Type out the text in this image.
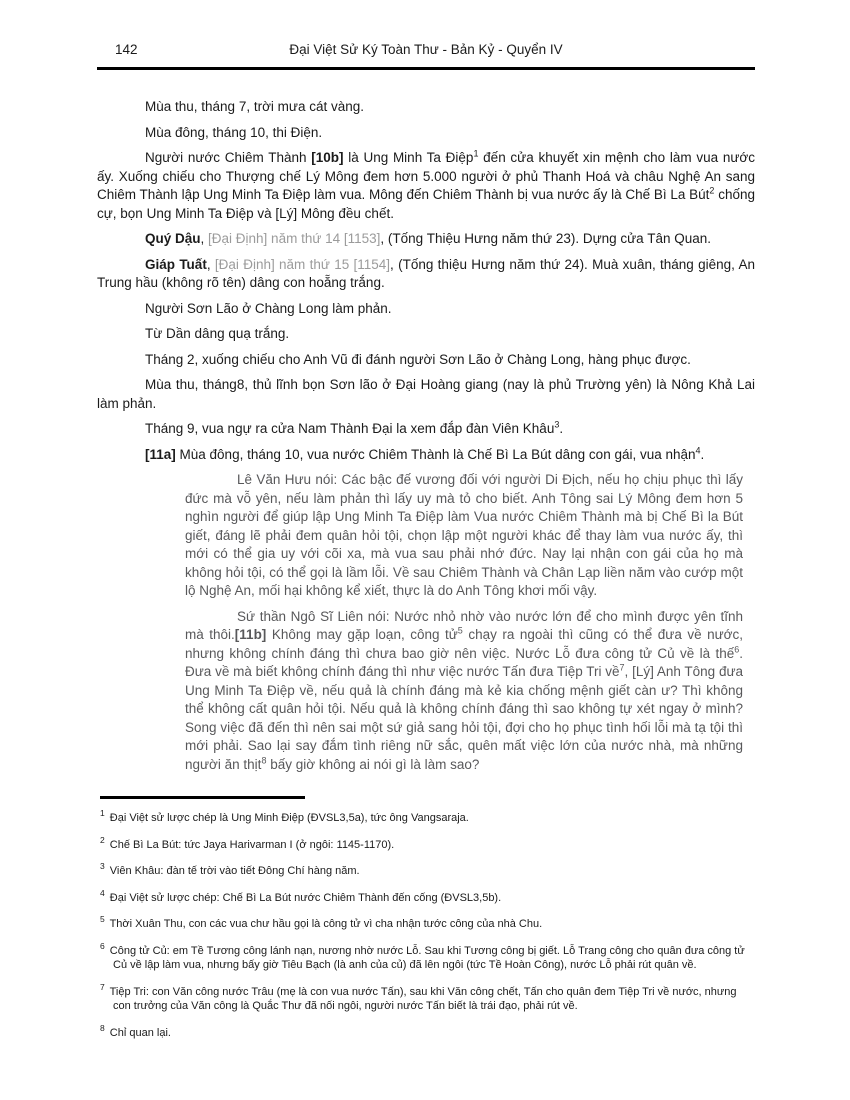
142	Đại Việt Sử Ký Toàn Thư - Bản Kỷ - Quyển IV

Mùa thu, tháng 7, trời mưa cát vàng.

Mùa đông, tháng 10, thi Điện.

Người nước Chiêm Thành [10b] là Ung Minh Ta Điệp$^1$ đến cửa khuyết xin mệnh cho làm vua nước ấy. Xuống chiếu cho Thượng chế Lý Mông đem hơn 5.000 người ở phủ Thanh Hoá và châu Nghệ An sang Chiêm Thành lập Ung Minh Ta Điệp làm vua. Mông đến Chiêm Thành bị vua nước ấy là Chế Bì La Bút$^2$ chống cự, bọn Ung Minh Ta Điệp và [Lý] Mông đều chết.

Quý Dậu, [Đại Định] năm thứ 14 [1153], (Tống Thiệu Hưng năm thứ 23). Dựng cửa Tân Quan.

Giáp Tuất, [Đại Định] năm thứ 15 [1154], (Tống thiệu Hưng năm thứ 24). Muà xuân, tháng giêng, An Trung hầu (không rõ tên) dâng con hoẵng trắng.

Người Sơn Lão ở Chàng Long làm phản.

Từ Dần dâng quạ trắng.

Tháng 2, xuống chiếu cho Anh Vũ đi đánh người Sơn Lão ở Chàng Long, hàng phục được.

Mùa thu, tháng8, thủ lĩnh bọn Sơn lão ở Đại Hoàng giang (nay là phủ Trường yên) là Nông Khả Lai làm phản.

Tháng 9, vua ngự ra cửa Nam Thành Đại la xem đắp đàn Viên Khâu$^3$.

[11a] Mùa đông, tháng 10, vua nước Chiêm Thành là Chế Bì La Bút dâng con gái, vua nhận$^4$.

Lê Văn Hưu nói: Các bậc đế vương đối với người Di Địch, nếu họ chịu phục thì lấy đức mà vỗ yên, nếu làm phản thì lấy uy mà tỏ cho biết. Anh Tông sai Lý Mông đem hơn 5 nghìn người để giúp lập Ung Minh Ta Điệp làm Vua nước Chiêm Thành mà bị Chế Bì la Bút giết, đáng lẽ phải đem quân hỏi tội, chọn lập một người khác để thay làm vua nước ấy, thì mới có thể gia uy với cõi xa, mà vua sau phải nhớ đức. Nay lại nhận con gái của họ mà không hỏi tội, có thể gọi là lầm lỗi. Về sau Chiêm Thành và Chân Lạp liền năm vào cướp một lộ Nghệ An, mối hại không kể xiết, thực là do Anh Tông khơi mối vậy.

Sứ thần Ngô Sĩ Liên nói: Nước nhỏ nhờ vào nước lớn để cho mình được yên tĩnh mà thôi.[11b] Không may gặp loạn, công tử$^5$ chạy ra ngoài thì cũng có thể đưa về nước, nhưng không chính đáng thì chưa bao giờ nên việc. Nước Lỗ đưa công tử Củ về là thế$^6$. Đưa về mà biết không chính đáng thì như việc nước Tấn đưa Tiệp Tri về$^7$, [Lý] Anh Tông đưa Ung Minh Ta Điệp về, nếu quả là chính đáng mà kẻ kia chống mệnh giết càn ư? Thì không thể không cất quân hỏi tội. Nếu quả là không chính đáng thì sao không tự xét ngay ở mình? Song việc đã đến thì nên sai một sứ giả sang hỏi tội, đợi cho họ phục tình hối lỗi mà tạ tội thì mới phải. Sao lại say đắm tình riêng nữ sắc, quên mất việc lớn của nước nhà, mà những người ăn thịt$^8$ bấy giờ không ai nói gì là làm sao?

$^1$ Đại Việt sử lược chép là Ung Minh Điệp (ĐVSL3,5a), tức ông Vangsaraja.

$^2$ Chế Bì La Bút: tức Jaya Harivarman I (ở ngôi: 1145-1170).

$^3$ Viên Khâu: đàn tế trời vào tiết Đông Chí hàng năm.

$^4$ Đại Việt sử lược chép: Chế Bì La Bút nước Chiêm Thành đến cống (ĐVSL3,5b).

$^5$ Thời Xuân Thu, con các vua chư hầu gọi là công tử vì cha nhận tước công của nhà Chu.

$^6$ Công tử Củ: em Tề Tương công lánh nạn, nương nhờ nước Lỗ. Sau khi Tương công bị giết. Lỗ Trang công cho quân đưa công tử Củ về lập làm vua, nhưng bấy giờ Tiêu Bạch (là anh của củ) đã lên ngôi (tức Tề Hoàn Công), nước Lỗ phải rút quân về.

$^7$ Tiệp Tri: con Văn công nước Trâu (mẹ là con vua nước Tấn), sau khi Văn công chết, Tấn cho quân đem Tiệp Tri về nước, nhưng con trưởng của Văn công là Quắc Thư đã nối ngôi, người nước Tấn biết là trái đạo, phải rút về.

$^8$ Chỉ quan lại.
